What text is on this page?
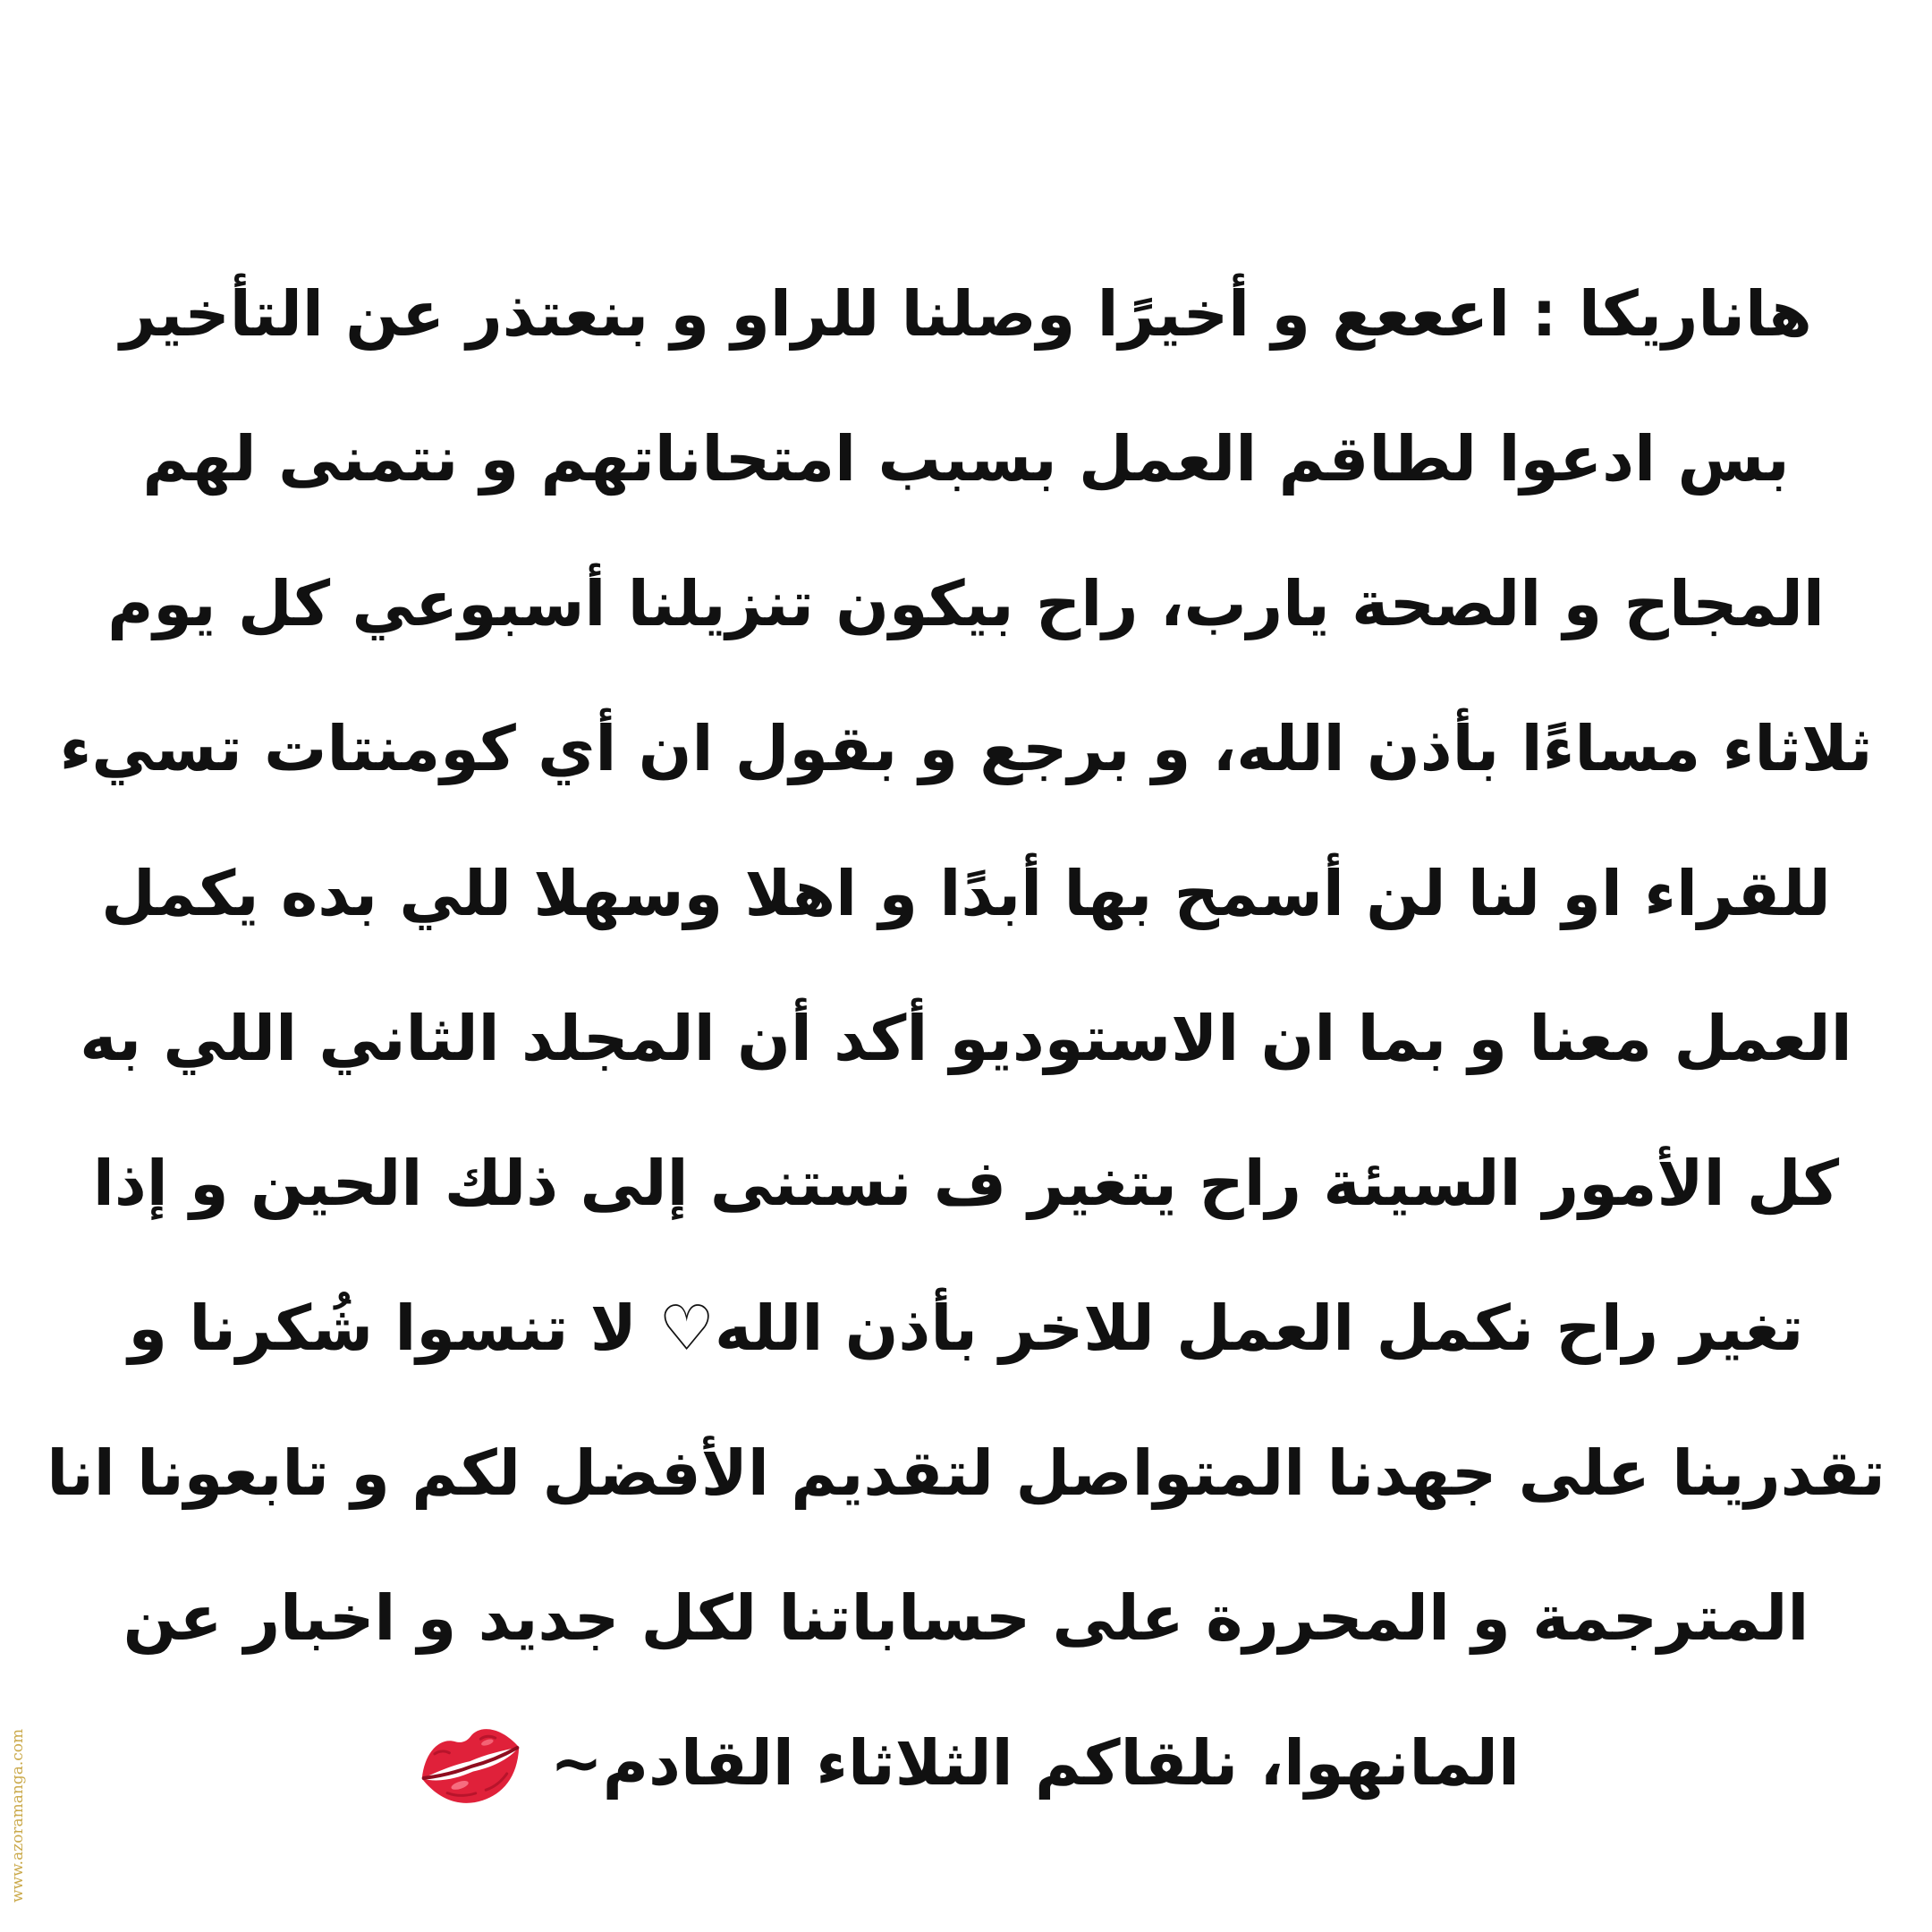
هاناريكا : اعععع و أخيرًا وصلنا للراو و بنعتذر عن التأخير
بس ادعوا لطاقم العمل بسبب امتحاناتهم و نتمنى لهم
المجاح و الصحة يارب، راح بيكون تنزيلنا أسبوعي كل يوم
ثلاثاء مساءًا بأذن الله، و برجع و بقول ان أي كومنتات تسيء
للقراء او لنا لن أسمح بها أبدًا و اهلا وسهلا للي بده يكمل
العمل معنا و بما ان الاستوديو أكد أن المجلد الثاني اللي به
كل الأمور السيئة راح يتغير ف نستنى إلى ذلك الحين و إذا
تغير راح نكمل العمل للاخر بأذن الله♡ لا تنسوا شُكرنا و
تقدرينا على جهدنا المتواصل لتقديم الأفضل لكم و تابعونا انا
المترجمة و المحررة على حساباتنا لكل جديد و اخبار عن
المانهوا، نلقاكم الثلاثاء القادم~
www.azoramanga.com
